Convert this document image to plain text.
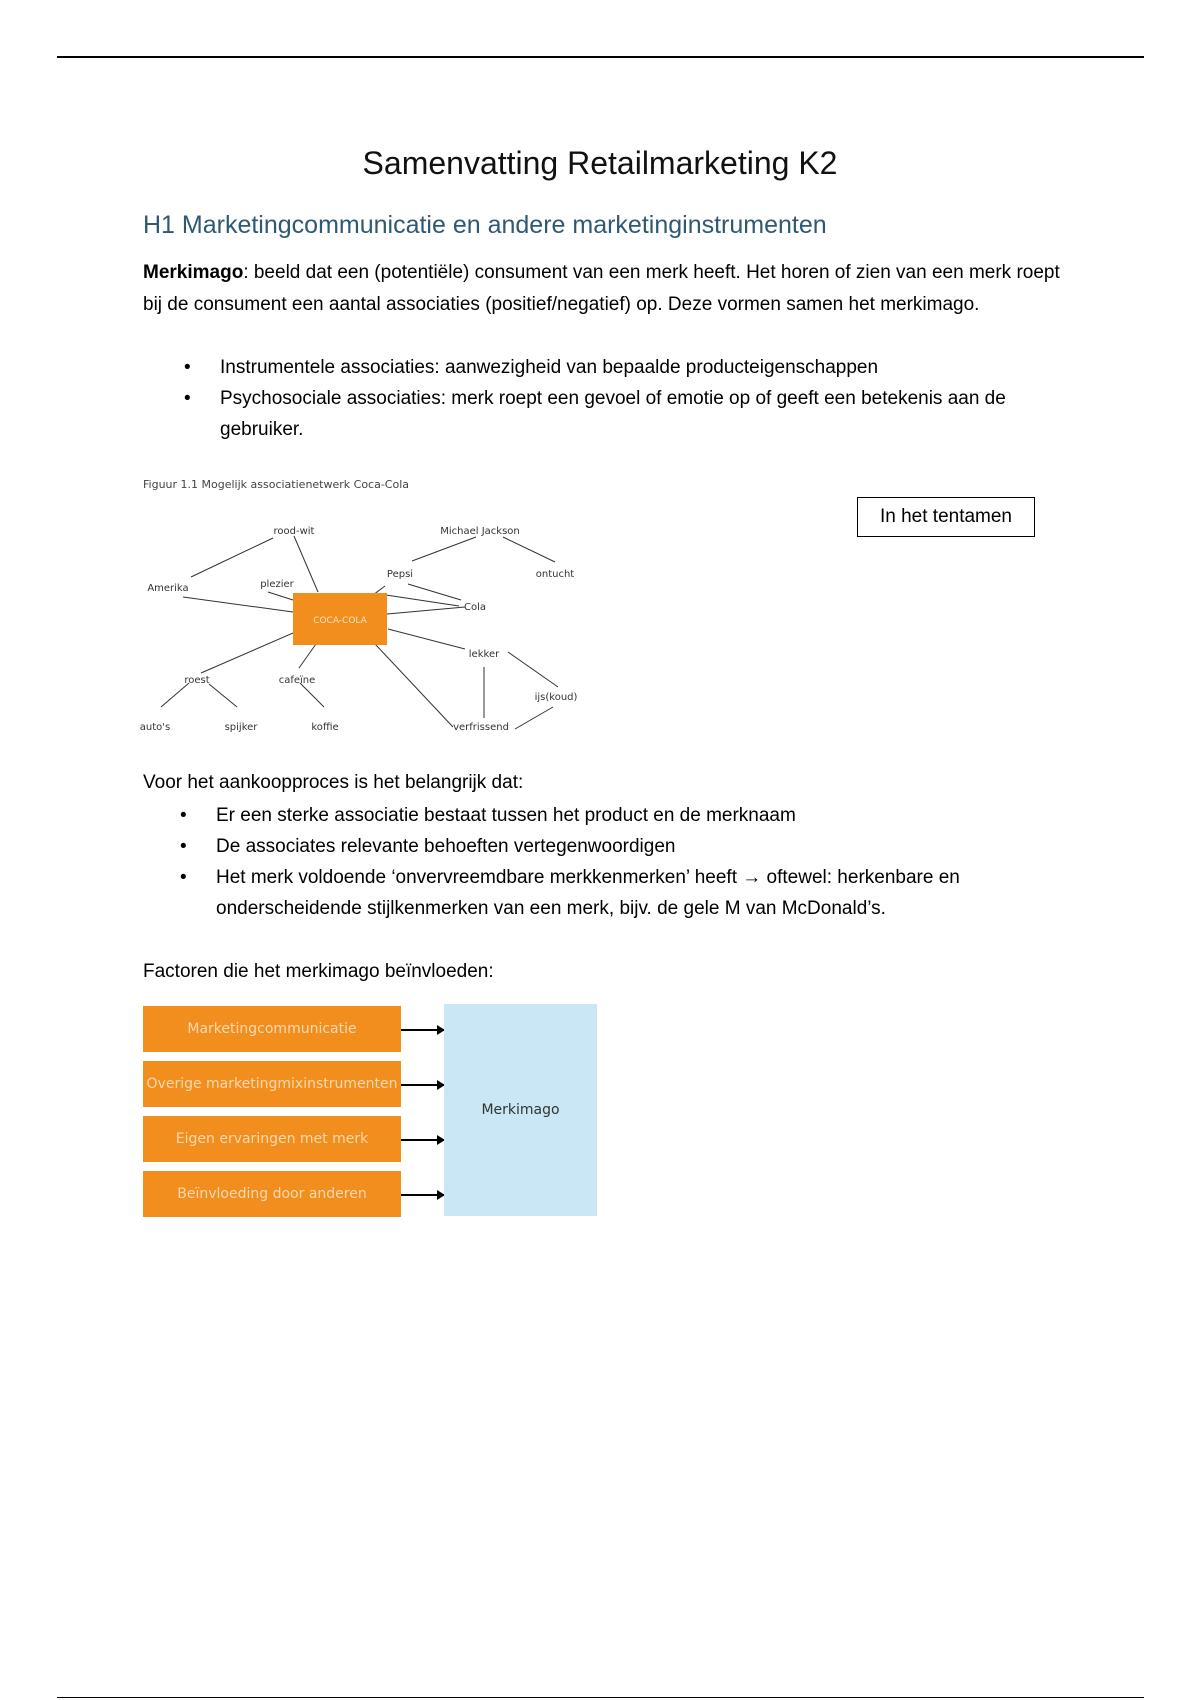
Samenvatting Retailmarketing K2
H1 Marketingcommunicatie en andere marketinginstrumenten
Merkimago: beeld dat een (potentiële) consument van een merk heeft. Het horen of zien van een merk roept bij de consument een aantal associaties (positief/negatief) op. Deze vormen samen het merkimago.
• Instrumentele associaties: aanwezigheid van bepaalde producteigenschappen
• Psychosociale associaties: merk roept een gevoel of emotie op of geeft een betekenis aan de gebruiker.
Figuur 1.1 Mogelijk associatienetwerk Coca-Cola
COCA-COLA
rood-wit	Michael Jackson
Amerika	plezier
Pepsi	ontucht
Cola
lekker
roest	cafeïne
ijs(koud)
auto's	spijker	koffie	verfrissend
In het tentamen
Voor het aankoopproces is het belangrijk dat:
• Er een sterke associatie bestaat tussen het product en de merknaam
• De associates relevante behoeften vertegenwoordigen
• Het merk voldoende ‘onvervreemdbare merkkenmerken’ heeft → oftewel: herkenbare en onderscheidende stijlkenmerken van een merk, bijv. de gele M van McDonald’s.
Factoren die het merkimago beïnvloeden:
Marketingcommunicatie
Overige marketingmixinstrumenten
Eigen ervaringen met merk
Beïnvloeding door anderen
Merkimago
